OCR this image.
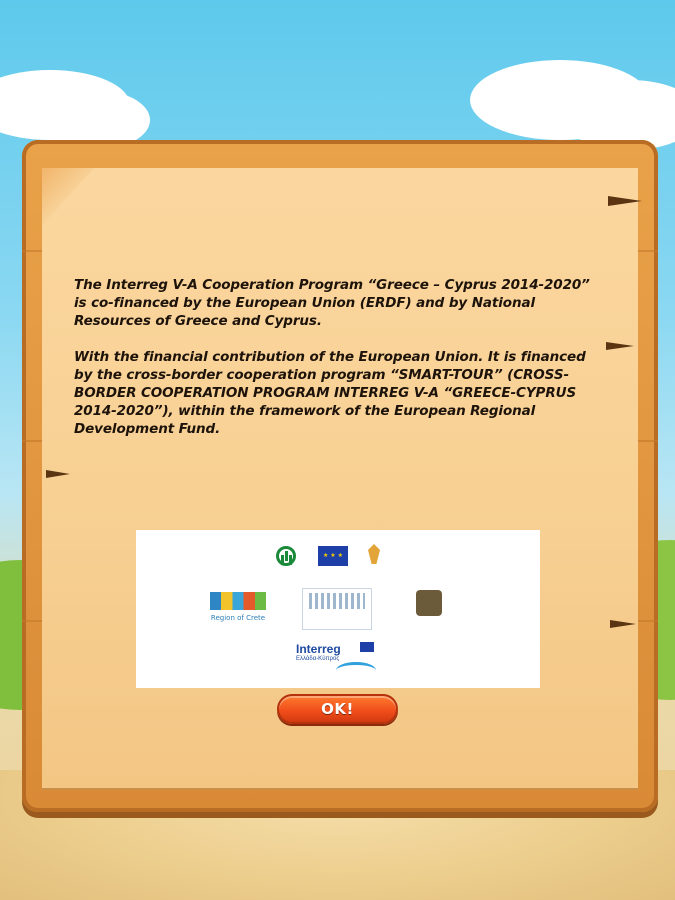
The Interreg V-A Cooperation Program “Greece – Cyprus 2014-2020” is co-financed by the European Union (ERDF) and by National Resources of Greece and Cyprus.

With the financial contribution of the European Union. It is financed by the cross-border cooperation program “SMART-TOUR” (CROSS-BORDER COOPERATION PROGRAM INTERREG V-A “GREECE-CYPRUS 2014-2020”), within the framework of the European Regional Development Fund.

★ ★ ★
Region of Crete
Interreg
Ελλάδα-Κύπρος
OK!
